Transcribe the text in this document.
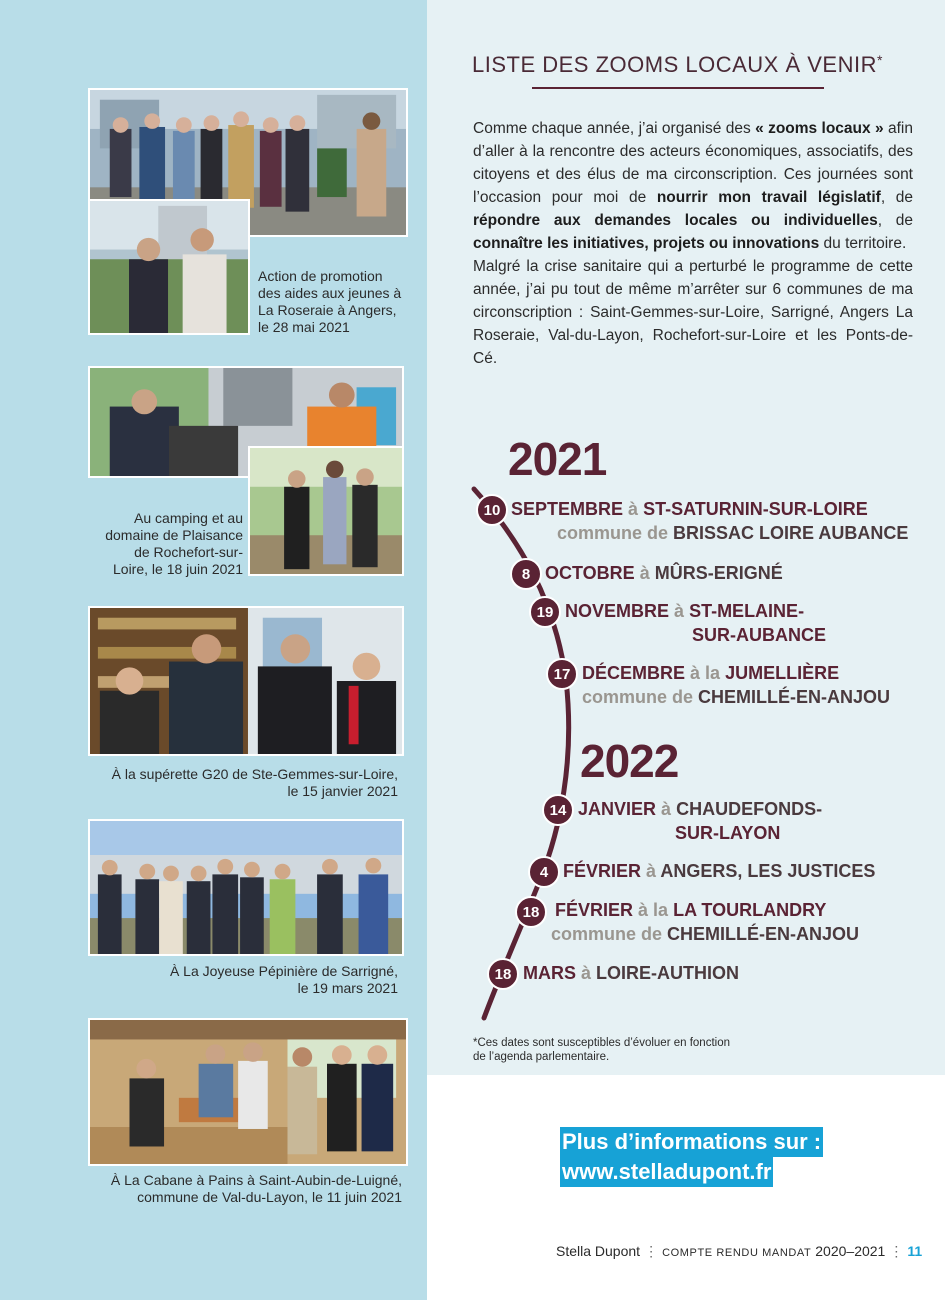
Action de promotion
des aides aux jeunes à
La Roseraie à Angers,
le 28 mai 2021
Au camping et au
domaine de Plaisance
de Rochefort-sur-
Loire, le 18 juin 2021
À la supérette G20 de Ste-Gemmes-sur-Loire,
le 15 janvier 2021
À La Joyeuse Pépinière de Sarrigné,
le 19 mars 2021
À La Cabane à Pains à Saint-Aubin-de-Luigné,
commune de Val-du-Layon, le 11 juin 2021
LISTE DES ZOOMS LOCAUX À VENIR*

Comme chaque année, j’ai organisé des « zooms locaux » afin d’aller à la rencontre des acteurs économiques, associatifs, des citoyens et des élus de ma circonscription. Ces journées sont l’occasion pour moi de nourrir mon travail législatif, de répondre aux demandes locales ou individuelles, de connaître les initiatives, projets ou innovations du territoire.

Malgré la crise sanitaire qui a perturbé le programme de cette année, j’ai pu tout de même m’arrêter sur 6 communes de ma circonscription : Saint-Gemmes-sur-Loire, Sarrigné, Angers La Roseraie, Val-du-Layon, Rochefort-sur-Loire et les Ponts-de-Cé.

2021
2022
10 SEPTEMBRE à ST-SATURNIN-SUR-LOIRE
commune de BRISSAC LOIRE AUBANCE
8 OCTOBRE à MÛRS-ERIGNÉ
19 NOVEMBRE à ST-MELAINE-
SUR-AUBANCE
17 DÉCEMBRE à la JUMELLIÈRE
commune de CHEMILLÉ-EN-ANJOU
14 JANVIER à CHAUDEFONDS-
SUR-LAYON
4 FÉVRIER à ANGERS, LES JUSTICES
18 FÉVRIER à la LA TOURLANDRY
commune de CHEMILLÉ-EN-ANJOU
18 MARS à LOIRE-AUTHION
*Ces dates sont susceptibles d’évoluer en fonction
de l’agenda parlementaire.
Plus d’informations sur :
www.stelladupont.fr
Stella Dupont ⋮ COMPTE RENDU MANDAT 2020–2021 ⋮ 11
